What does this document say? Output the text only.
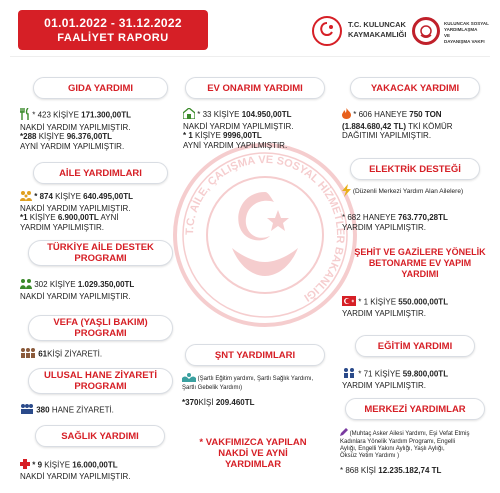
01.01.2022 - 31.12.2022
FAALİYET RAPORU
T.C. KULUNCAK
KAYMAKAMLIĞI
KULUNCAK SOSYAL
YARDIMLAŞMA
VE
DAYANIŞMA VAKFI
T.C. AİLE, ÇALIŞMA VE SOSYAL HİZMETLER BAKANLIĞI
GIDA YARDIMI
* 423 KİŞİYE 171.300,00TL
NAKDİ YARDIM YAPILMIŞTIR.
*288 KİŞİYE 96.376,00TL
AYNİ YARDIM YAPILMIŞTIR.
AİLE YARDIMLARI
* 874 KİŞİYE 640.495,00TL
NAKDİ YARDIM YAPILMIŞTIR.
*1 KİŞİYE 6.900,00TL AYNİ
YARDIM YAPILMIŞTIR.
TÜRKİYE AİLE DESTEK
PROGRAMI
302 KİŞİYE 1.029.350,00TL
NAKDİ YARDIM YAPILMIŞTIR.
VEFA (YAŞLI BAKIM)
PROGRAMI
61KİŞİ ZİYARETİ.
ULUSAL HANE ZİYARETİ
PROGRAMI
380 HANE ZİYARETİ.
SAĞLIK YARDIMI
* 9 KİŞİYE 16.000,00TL
NAKDİ YARDIM YAPILMIŞTIR.
EV ONARIM YARDIMI
* 33 KİŞİYE 104.950,00TL
NAKDİ YARDIM YAPILMIŞTIR.
* 1 KİŞİYE 9996,00TL
AYNİ YARDIM YAPILMIŞTIR.
ŞNT YARDIMLARI
(Şartlı Eğitim yardımı, Şartlı Sağlık Yardımı,
Şartlı Gebelik Yardımı)
*370KİŞİ 209.460TL
* VAKFIMIZCA YAPILAN
NAKDİ VE AYNİ
YARDIMLAR
YAKACAK YARDIMI
* 606 HANEYE 750 TON
(1.884.680,42 TL) TKİ KÖMÜR
DAĞITIMI YAPILMIŞTIR.
ELEKTRİK DESTEĞİ
(Düzenli Merkezi Yardım Alan Ailelere)
* 682 HANEYE 763.770,28TL
YARDIM YAPILMIŞTIR.
ŞEHİT VE GAZİLERE YÖNELİK
BETONARME EV YAPIM
YARDIMI
* 1 KİŞİYE 550.000,00TL
YARDIM YAPILMIŞTIR.
EĞİTİM YARDIMI
* 71 KİŞİYE 59.800,00TL
YARDIM YAPILMIŞTIR.
MERKEZİ YARDIMLAR
(Muhtaç Asker Ailesi Yardımı, Eşi Vefat Etmiş
Kadınlara Yönelik Yardım Programı, Engelli
Aylığı, Engelli Yakını Aylığı, Yaşlı Aylığı,
Öksüz Yetim Yardımı )
* 868 KİŞİ 12.235.182,74 TL
